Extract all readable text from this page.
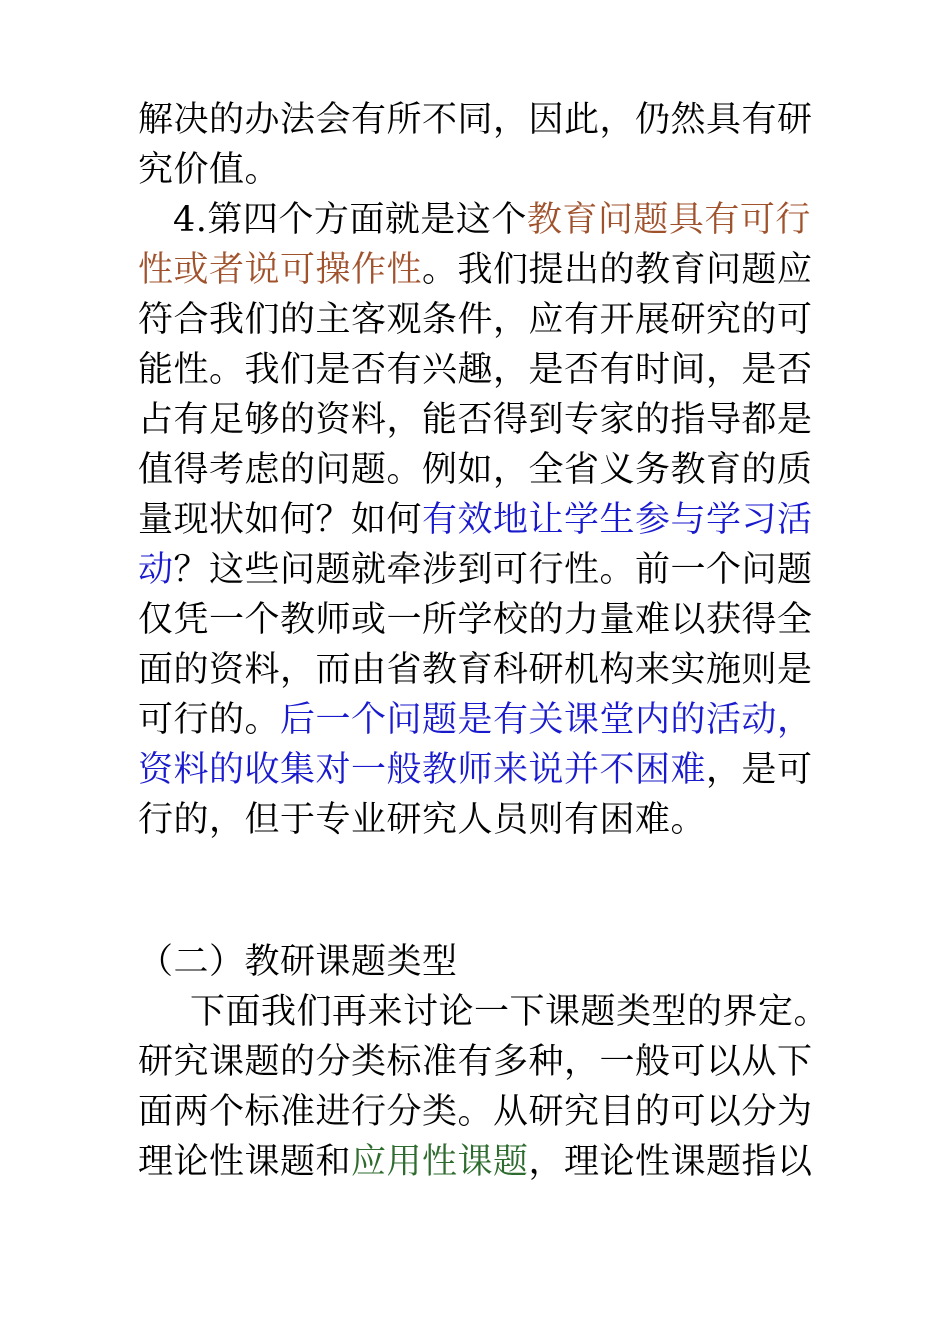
解决的办法会有所不同，因此，仍然具有研
究价值。
4.第四个方面就是这个教育问题具有可行
性或者说可操作性。我们提出的教育问题应
符合我们的主客观条件，应有开展研究的可
能性。我们是否有兴趣，是否有时间，是否
占有足够的资料，能否得到专家的指导都是
值得考虑的问题。例如，全省义务教育的质
量现状如何？如何有效地让学生参与学习活
动？这些问题就牵涉到可行性。前一个问题
仅凭一个教师或一所学校的力量难以获得全
面的资料，而由省教育科研机构来实施则是
可行的。后一个问题是有关课堂内的活动，
资料的收集对一般教师来说并不困难，是可
行的，但于专业研究人员则有困难。
（二）教研课题类型
下面我们再来讨论一下课题类型的界定。
研究课题的分类标准有多种，一般可以从下
面两个标准进行分类。从研究目的可以分为
理论性课题和应用性课题，理论性课题指以
